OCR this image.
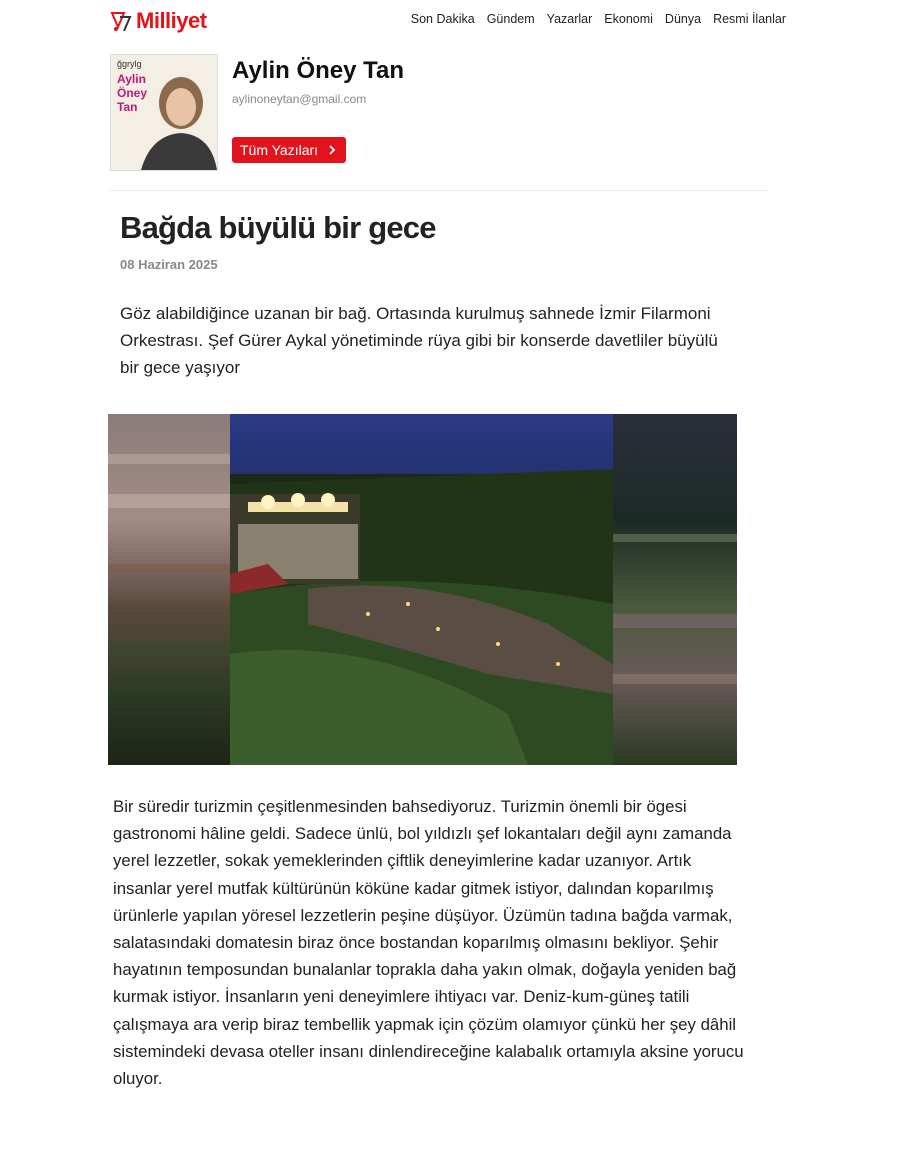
Milliyet	Son Dakika Gündem Yazarlar Ekonomi Dünya Resmi İlanlar
ğgrylg
Aylin
Öney
Tan
Aylin Öney Tan
aylinoneytan@gmail.com
Tüm Yazıları
Bağda büyülü bir gece
08 Haziran 2025

Göz alabildiğince uzanan bir bağ. Ortasında kurulmuş sahnede İzmir Filarmoni Orkestrası. Şef Gürer Aykal yönetiminde rüya gibi bir konserde davetliler büyülü bir gece yaşıyor

Bir süredir turizmin çeşitlenmesinden bahsediyoruz. Turizmin önemli bir ögesi gastronomi hâline geldi. Sadece ünlü, bol yıldızlı şef lokantaları değil aynı zamanda yerel lezzetler, sokak yemeklerinden çiftlik deneyimlerine kadar uzanıyor. Artık insanlar yerel mutfak kültürünün köküne kadar gitmek istiyor, dalından koparılmış ürünlerle yapılan yöresel lezzetlerin peşine düşüyor. Üzümün tadına bağda varmak, salatasındaki domatesin biraz önce bostandan koparılmış olmasını bekliyor. Şehir hayatının temposundan bunalanlar toprakla daha yakın olmak, doğayla yeniden bağ kurmak istiyor. İnsanların yeni deneyimlere ihtiyacı var. Deniz-kum-güneş tatili çalışmaya ara verip biraz tembellik yapmak için çözüm olamıyor çünkü her şey dâhil sistemindeki devasa oteller insanı dinlendireceğine kalabalık ortamıyla aksine yorucu oluyor.
